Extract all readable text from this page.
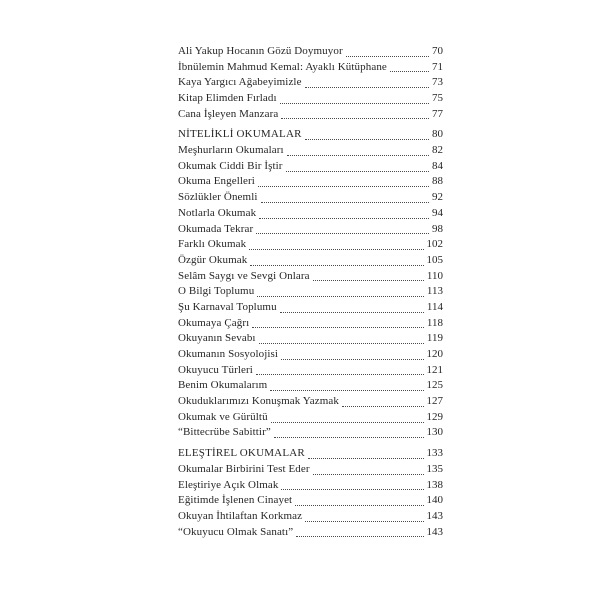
Ali Yakup Hocanın Gözü Doymuyor	70
İbnülemin Mahmud Kemal: Ayaklı Kütüphane	71
Kaya Yargıcı Ağabeyimizle	73
Kitap Elimden Fırladı	75
Cana İşleyen Manzara	77
NİTELİKLİ OKUMALAR	80
Meşhurların Okumaları	82
Okumak Ciddi Bir İştir	84
Okuma Engelleri	88
Sözlükler Önemli	92
Notlarla Okumak	94
Okumada Tekrar	98
Farklı Okumak	102
Özgür Okumak	105
Selâm Saygı ve Sevgi Onlara	110
O Bilgi Toplumu	113
Şu Karnaval Toplumu	114
Okumaya Çağrı	118
Okuyanın Sevabı	119
Okumanın Sosyolojisi	120
Okuyucu Türleri	121
Benim Okumalarım	125
Okuduklarımızı Konuşmak Yazmak	127
Okumak ve Gürültü	129
“Bittecrübe Sabittir”	130
ELEŞTİREL OKUMALAR	133
Okumalar Birbirini Test Eder	135
Eleştiriye Açık Olmak	138
Eğitimde İşlenen Cinayet	140
Okuyan İhtilaftan Korkmaz	143
“Okuyucu Olmak Sanatı”	143
